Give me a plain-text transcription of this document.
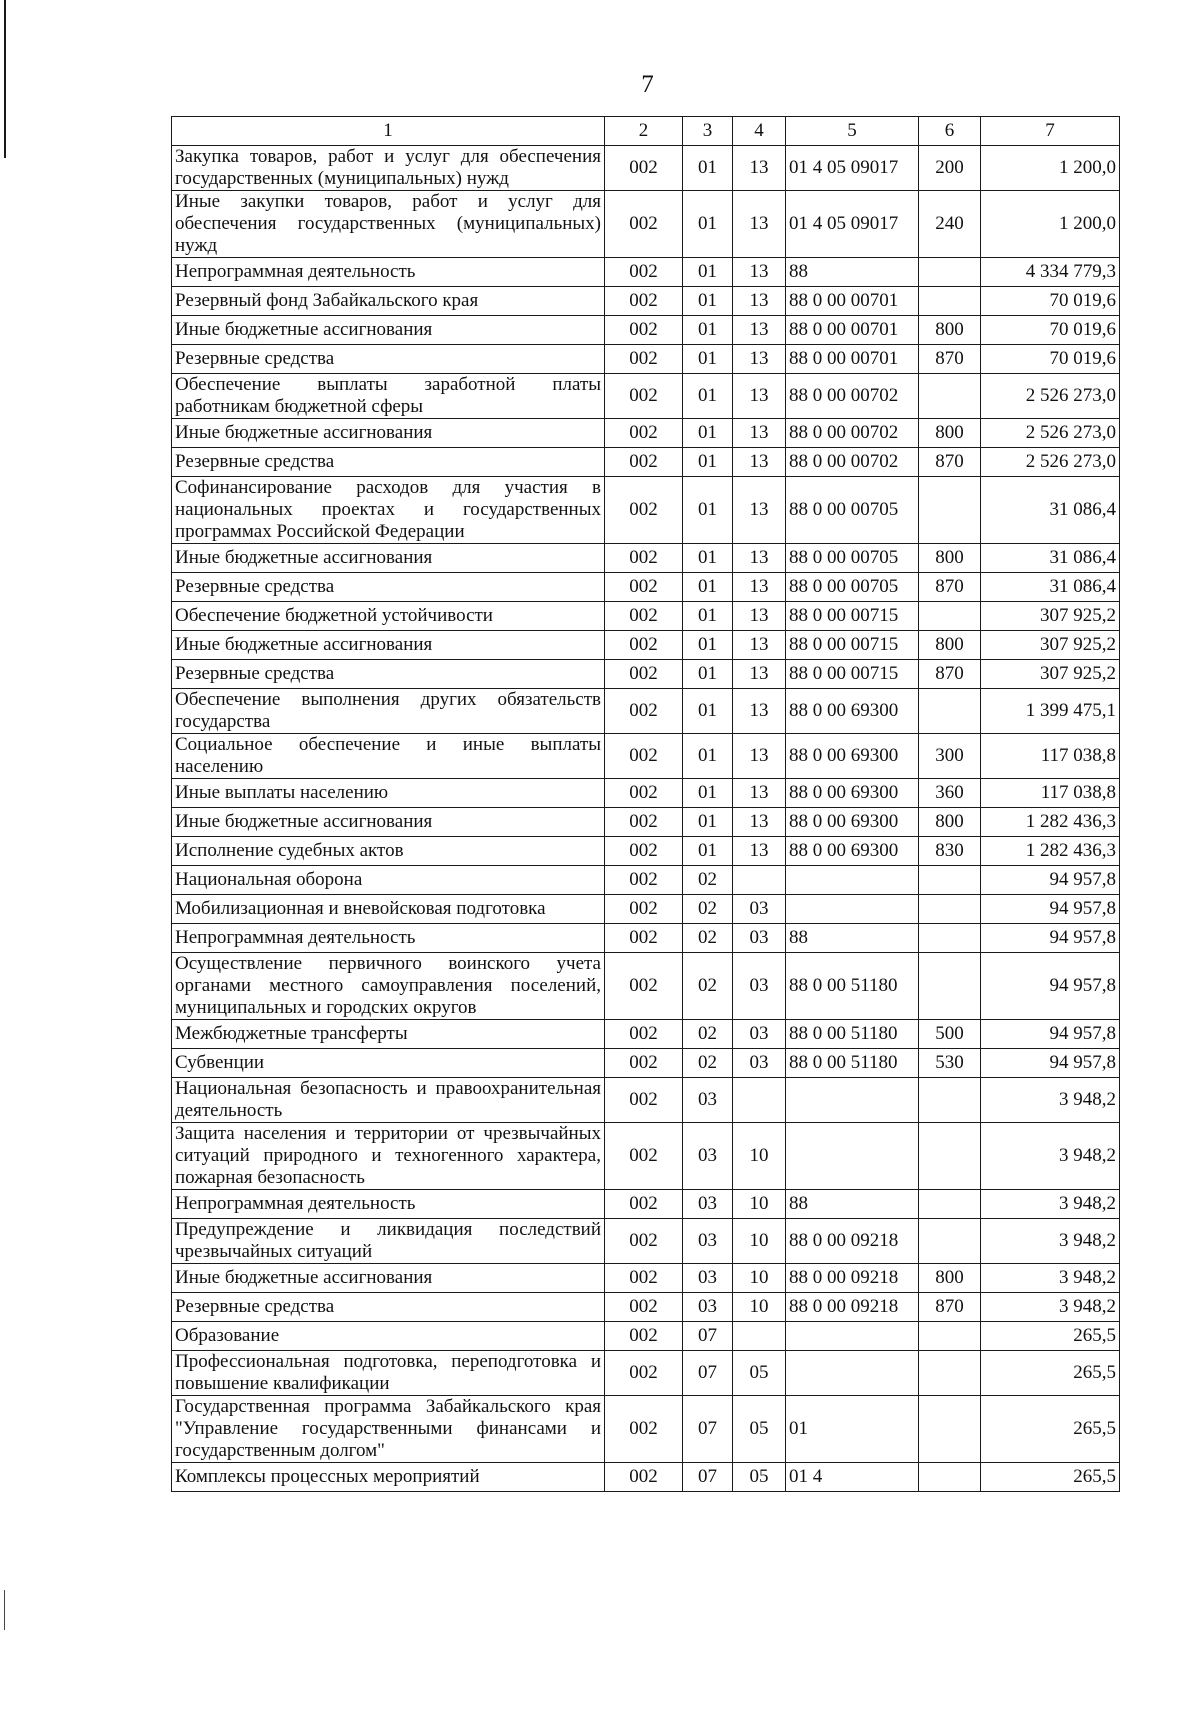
7
1	2	3	4	5	6	7
Закупка товаров, работ и услуг для обеспечения государственных (муниципальных) нужд	002	01	13	01 4 05 09017	200	1 200,0
Иные закупки товаров, работ и услуг для обеспечения государственных (муниципальных) нужд	002	01	13	01 4 05 09017	240	1 200,0
Непрограммная деятельность	002	01	13	88		4 334 779,3
Резервный фонд Забайкальского края	002	01	13	88 0 00 00701		70 019,6
Иные бюджетные ассигнования	002	01	13	88 0 00 00701	800	70 019,6
Резервные средства	002	01	13	88 0 00 00701	870	70 019,6
Обеспечение выплаты заработной платы работникам бюджетной сферы	002	01	13	88 0 00 00702		2 526 273,0
Иные бюджетные ассигнования	002	01	13	88 0 00 00702	800	2 526 273,0
Резервные средства	002	01	13	88 0 00 00702	870	2 526 273,0
Софинансирование расходов для участия в национальных проектах и государственных программах Российской Федерации	002	01	13	88 0 00 00705		31 086,4
Иные бюджетные ассигнования	002	01	13	88 0 00 00705	800	31 086,4
Резервные средства	002	01	13	88 0 00 00705	870	31 086,4
Обеспечение бюджетной устойчивости	002	01	13	88 0 00 00715		307 925,2
Иные бюджетные ассигнования	002	01	13	88 0 00 00715	800	307 925,2
Резервные средства	002	01	13	88 0 00 00715	870	307 925,2
Обеспечение выполнения других обязательств государства	002	01	13	88 0 00 69300		1 399 475,1
Социальное обеспечение и иные выплаты населению	002	01	13	88 0 00 69300	300	117 038,8
Иные выплаты населению	002	01	13	88 0 00 69300	360	117 038,8
Иные бюджетные ассигнования	002	01	13	88 0 00 69300	800	1 282 436,3
Исполнение судебных актов	002	01	13	88 0 00 69300	830	1 282 436,3
Национальная оборона	002	02				94 957,8
Мобилизационная и вневойсковая подготовка	002	02	03			94 957,8
Непрограммная деятельность	002	02	03	88		94 957,8
Осуществление первичного воинского учета органами местного самоуправления поселений, муниципальных и городских округов	002	02	03	88 0 00 51180		94 957,8
Межбюджетные трансферты	002	02	03	88 0 00 51180	500	94 957,8
Субвенции	002	02	03	88 0 00 51180	530	94 957,8
Национальная безопасность и правоохранительная деятельность	002	03				3 948,2
Защита населения и территории от чрезвычайных ситуаций природного и техногенного характера, пожарная безопасность	002	03	10			3 948,2
Непрограммная деятельность	002	03	10	88		3 948,2
Предупреждение и ликвидация последствий чрезвычайных ситуаций	002	03	10	88 0 00 09218		3 948,2
Иные бюджетные ассигнования	002	03	10	88 0 00 09218	800	3 948,2
Резервные средства	002	03	10	88 0 00 09218	870	3 948,2
Образование	002	07				265,5
Профессиональная подготовка, переподготовка и повышение квалификации	002	07	05			265,5
Государственная программа Забайкальского края "Управление государственными финансами и государственным долгом"	002	07	05	01		265,5
Комплексы процессных мероприятий	002	07	05	01 4		265,5
